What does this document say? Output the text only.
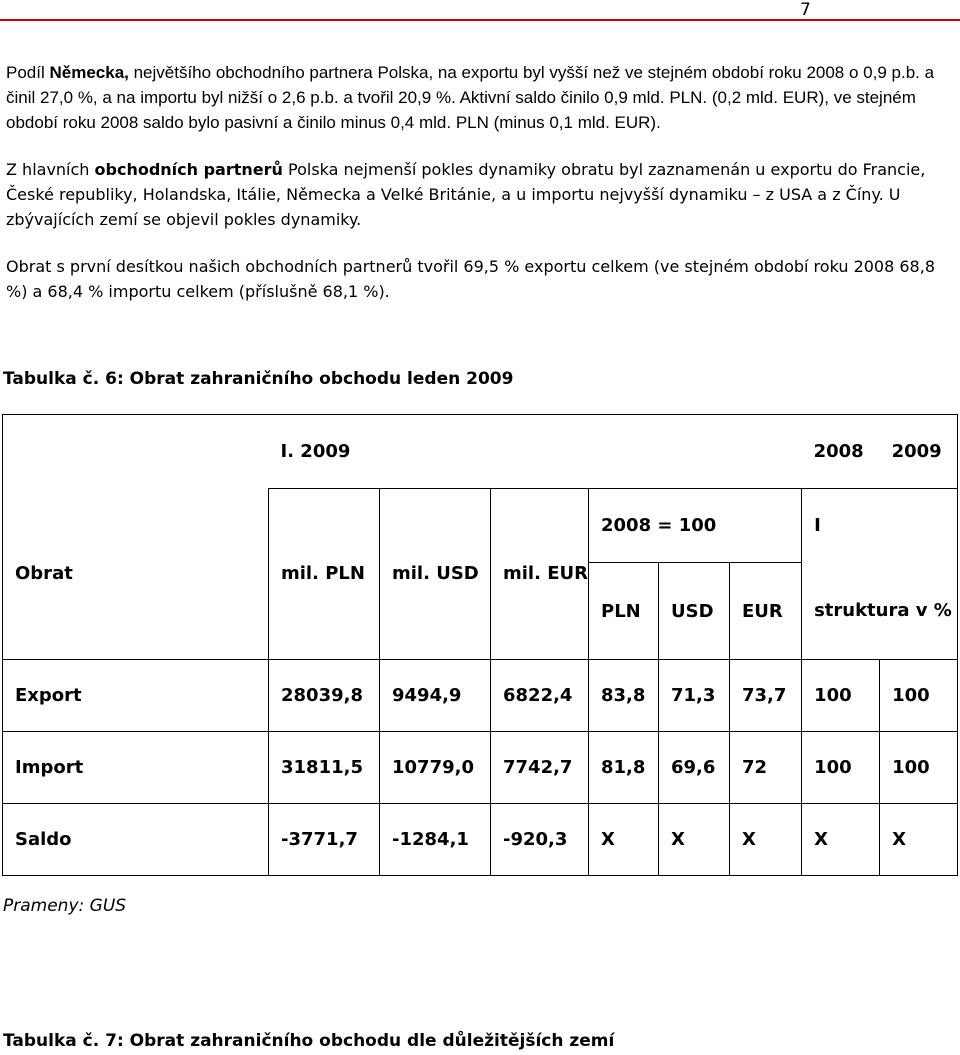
7

Podíl Německa, největšího obchodního partnera Polska, na exportu byl vyšší než ve stejném období roku 2008 o 0,9 p.b. a činil 27,0 %, a na importu byl nižší o 2,6 p.b. a tvořil 20,9 %. Aktivní saldo činilo 0,9 mld. PLN. (0,2 mld. EUR), ve stejném období roku 2008 saldo bylo pasivní a činilo minus 0,4 mld. PLN (minus 0,1 mld. EUR).

Z hlavních obchodních partnerů Polska nejmenší pokles dynamiky obratu byl zaznamenán u exportu do Francie, České republiky, Holandska, Itálie, Německa a Velké Británie, a u importu nejvyšší dynamiku – z USA a z Číny. U zbývajících zemí se objevil pokles dynamiky.

Obrat s první desítkou našich obchodních partnerů tvořil 69,5 % exportu celkem (ve stejném období roku 2008 68,8 %) a 68,4 % importu celkem (příslušně 68,1 %).

Tabulka č. 6: Obrat zahraničního obchodu leden 2009
	I. 2009						2008	2009
Obrat	mil. PLN	mil. USD	mil. EUR	2008 = 100			I	
				PLN	USD	EUR	struktura v %	
Export	28039,8	9494,9	6822,4	83,8	71,3	73,7	100	100
Import	31811,5	10779,0	7742,7	81,8	69,6	72	100	100
Saldo	-3771,7	-1284,1	-920,3	X	X	X	X	X
Prameny: GUS
Tabulka č. 7: Obrat zahraničního obchodu dle důležitějších zemí
